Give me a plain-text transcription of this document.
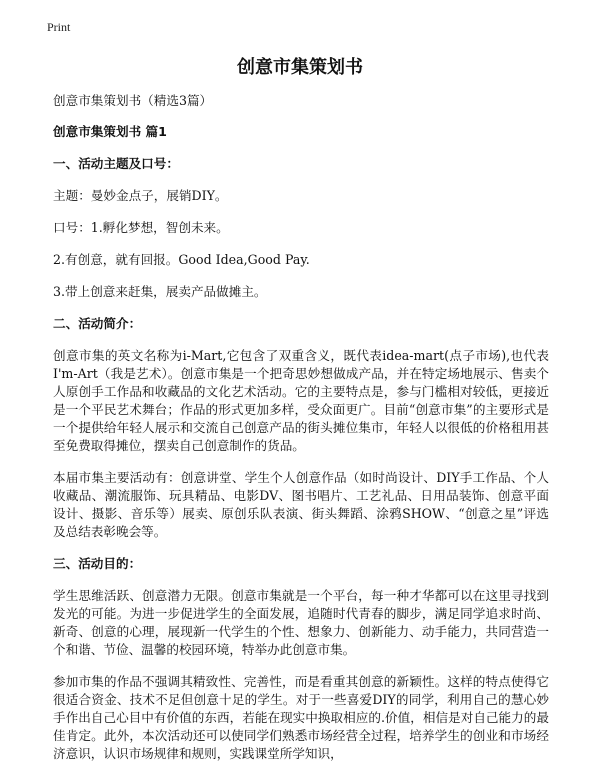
Print
创意市集策划书

创意市集策划书（精选3篇）

创意市集策划书 篇1

一、活动主题及口号：

主题：曼妙金点子，展销DIY。

口号：1.孵化梦想，智创未来。

2.有创意，就有回报。Good Idea,Good Pay.

3.带上创意来赶集，展卖产品做摊主。

二、活动简介：

创意市集的英文名称为i-Mart,它包含了双重含义，既代表idea-mart(点子市场),也代表I'm-Art（我是艺术）。创意市集是一个把奇思妙想做成产品，并在特定场地展示、售卖个人原创手工作品和收藏品的文化艺术活动。它的主要特点是，参与门槛相对较低，更接近是一个平民艺术舞台；作品的形式更加多样，受众面更广。目前“创意市集”的主要形式是一个提供给年轻人展示和交流自己创意产品的街头摊位集市，年轻人以很低的价格租用甚至免费取得摊位，摆卖自己创意制作的货品。

本届市集主要活动有：创意讲堂、学生个人创意作品（如时尚设计、DIY手工作品、个人收藏品、潮流服饰、玩具精品、电影DV、图书唱片、工艺礼品、日用品装饰、创意平面设计、摄影、音乐等）展卖、原创乐队表演、街头舞蹈、涂鸦SHOW、“创意之星”评选及总结表彰晚会等。

三、活动目的：

学生思维活跃、创意潜力无限。创意市集就是一个平台，每一种才华都可以在这里寻找到发光的可能。为进一步促进学生的全面发展，追随时代青春的脚步，满足同学追求时尚、新奇、创意的心理，展现新一代学生的个性、想象力、创新能力、动手能力，共同营造一个和谐、节俭、温馨的校园环境，特举办此创意市集。

参加市集的作品不强调其精致性、完善性，而是看重其创意的新颖性。这样的特点使得它很适合资金、技术不足但创意十足的学生。对于一些喜爱DIY的同学，利用自己的慧心妙手作出自己心目中有价值的东西，若能在现实中换取相应的.价值，相信是对自己能力的最佳肯定。此外，本次活动还可以使同学们熟悉市场经营全过程，培养学生的创业和市场经济意识，认识市场规律和规则，实践课堂所学知识，
